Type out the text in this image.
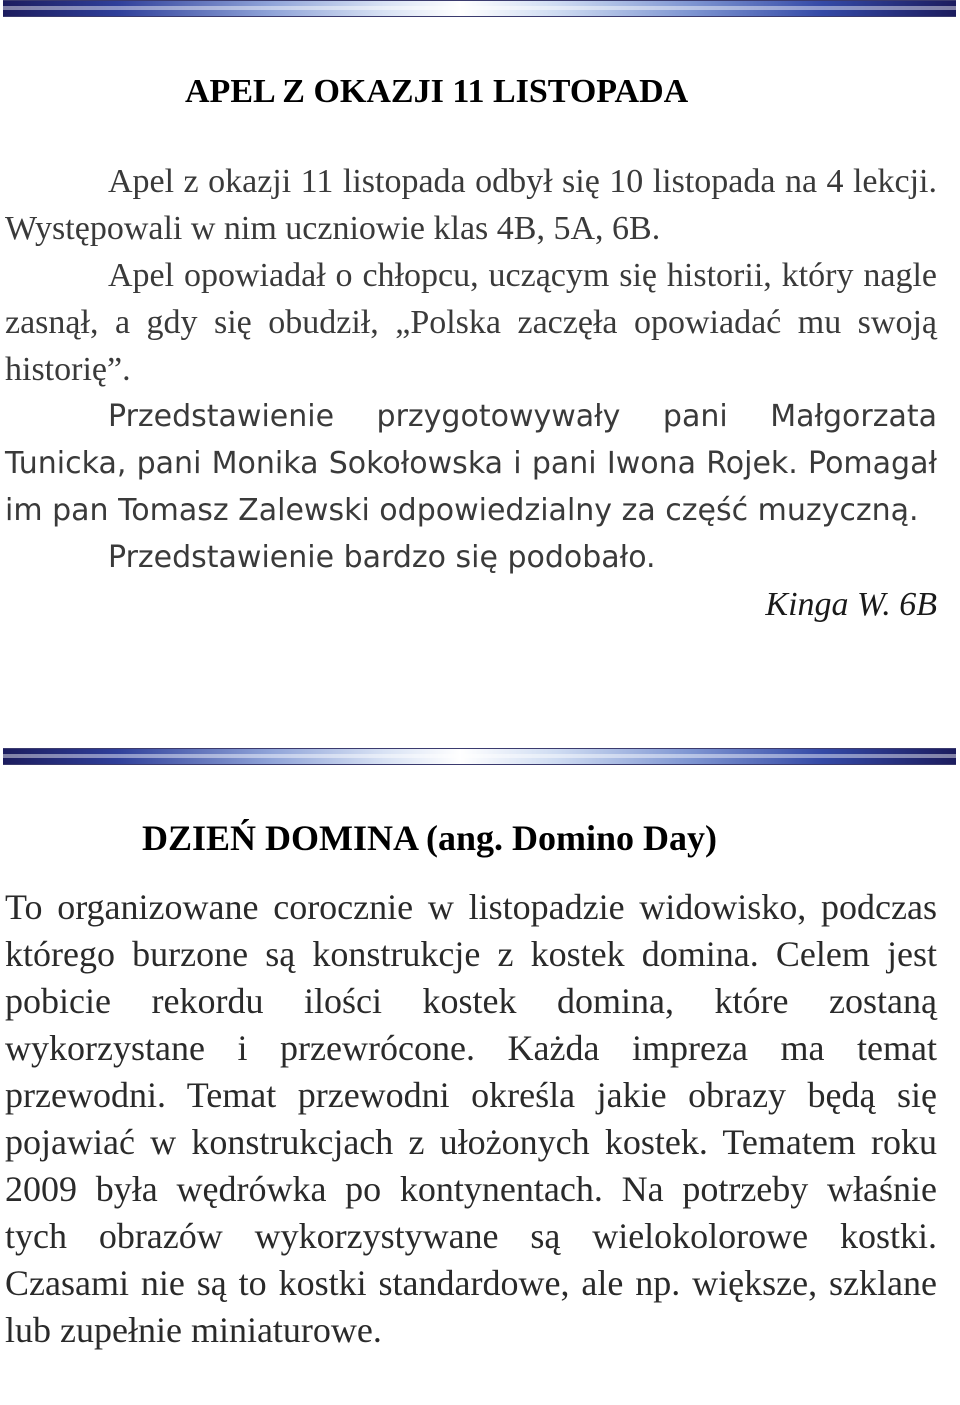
APEL Z OKAZJI 11 LISTOPADA

Apel z okazji 11 listopada odbył się 10 listopada na 4 lekcji. Występowali w nim uczniowie klas 4B, 5A, 6B.

Apel opowiadał o chłopcu, uczącym się historii, który nagle zasnął, a gdy się obudził, „Polska zaczęła opowiadać mu swoją historię”.

Przedstawienie przygotowywały pani Małgorzata Tunicka, pani Monika Sokołowska i pani Iwona Rojek. Pomagał im pan Tomasz Zalewski odpowiedzialny za część muzyczną.

Przedstawienie bardzo się podobało.

Kinga W. 6B

DZIEŃ DOMINA (ang. Domino Day)

To organizowane corocznie w listopadzie widowisko, podczas którego burzone są konstrukcje z kostek domina. Celem jest pobicie rekordu ilości kostek domina, które zostaną wykorzystane i przewrócone. Każda impreza ma temat przewodni. Temat przewodni określa jakie obrazy będą się pojawiać w konstrukcjach z ułożonych kostek. Tematem roku 2009 była wędrówka po kontynentach. Na potrzeby właśnie tych obrazów wykorzystywane są wielokolorowe kostki. Czasami nie są to kostki standardowe, ale np. większe, szklane lub zupełnie miniaturowe.
